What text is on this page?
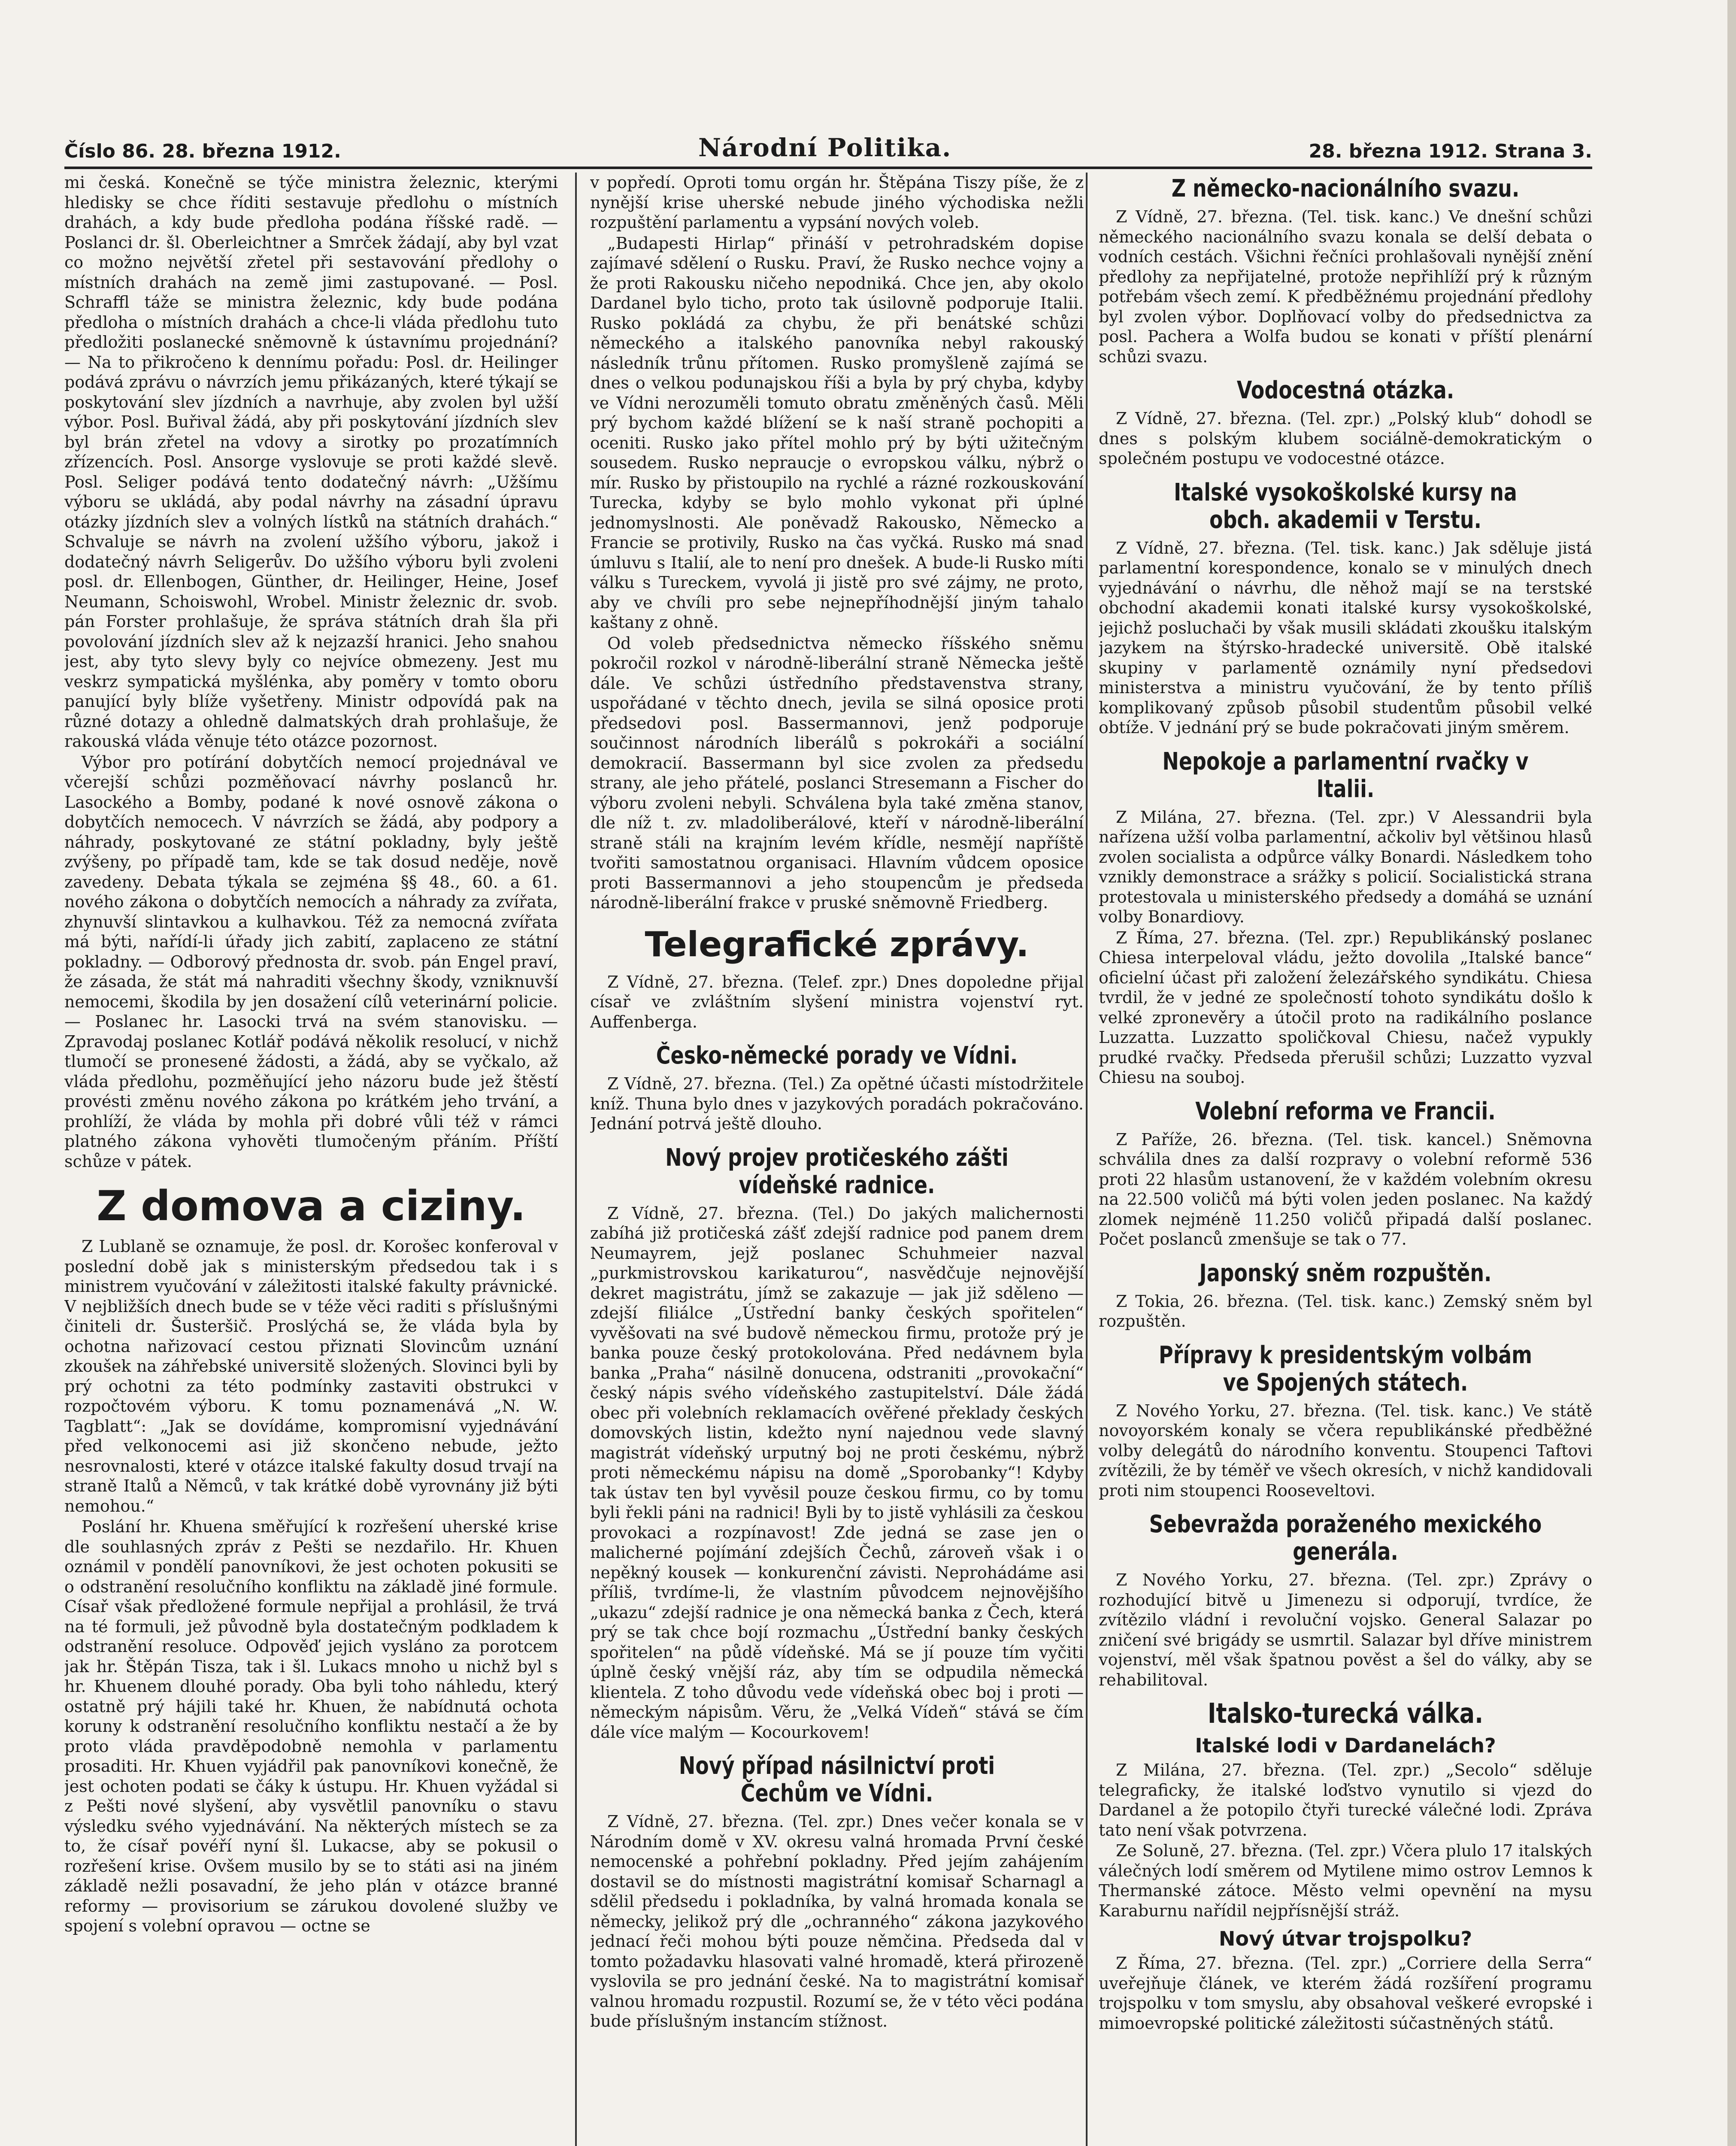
Číslo 86. 28. března 1912.	Národní Politika.	28. března 1912. Strana 3.

mi česká. Konečně se týče ministra železnic, kterými hledisky se chce říditi sestavuje předlohu o místních drahách, a kdy bude předloha podána říšské radě. — Poslanci dr. šl. Oberleichtner a Smrček žádají, aby byl vzat co možno největší zřetel při sestavování předlohy o místních drahách na země jimi zastupované. — Posl. Schraffl táže se ministra železnic, kdy bude podána předloha o místních drahách a chce-li vláda předlohu tuto předložiti poslanecké sněmovně k ústavnímu projednání? — Na to přikročeno k dennímu pořadu: Posl. dr. Heilinger podává zprávu o návrzích jemu přikázaných, které týkají se poskytování slev jízdních a navrhuje, aby zvolen byl užší výbor. Posl. Buřival žádá, aby při poskytování jízdních slev byl brán zřetel na vdovy a sirotky po prozatímních zřízencích. Posl. Ansorge vyslovuje se proti každé slevě. Posl. Seliger podává tento dodatečný návrh: „Užšímu výboru se ukládá, aby podal návrhy na zásadní úpravu otázky jízdních slev a volných lístků na státních drahách.“ Schvaluje se návrh na zvolení užšího výboru, jakož i dodatečný návrh Seligerův. Do užšího výboru byli zvoleni posl. dr. Ellenbogen, Günther, dr. Heilinger, Heine, Josef Neumann, Schoiswohl, Wrobel. Ministr železnic dr. svob. pán Forster prohlašuje, že správa státních drah šla při povolování jízdních slev až k nejzazší hranici. Jeho snahou jest, aby tyto slevy byly co nejvíce obmezeny. Jest mu veskrz sympatická myšlénka, aby poměry v tomto oboru panující byly blíže vyšetřeny. Ministr odpovídá pak na různé dotazy a ohledně dalmatských drah prohlašuje, že rakouská vláda věnuje této otázce pozornost.

Výbor pro potírání dobytčích nemocí projednával ve včerejší schůzi pozměňovací návrhy poslanců hr. Lasockého a Bomby, podané k nové osnově zákona o dobytčích nemocech. V návrzích se žádá, aby podpory a náhrady, poskytované ze státní pokladny, byly ještě zvýšeny, po případě tam, kde se tak dosud neděje, nově zavedeny. Debata týkala se zejména §§ 48., 60. a 61. nového zákona o dobytčích nemocích a náhrady za zvířata, zhynuvší slintavkou a kulhavkou. Též za nemocná zvířata má býti, nařídí-li úřady jich zabití, zaplaceno ze státní pokladny. — Odborový přednosta dr. svob. pán Engel praví, že zásada, že stát má nahraditi všechny škody, vzniknuvší nemocemi, škodila by jen dosažení cílů veterinární policie. — Poslanec hr. Lasocki trvá na svém stanovisku. — Zpravodaj poslanec Kotlář podává několik resolucí, v nichž tlumočí se pronesené žádosti, a žádá, aby se vyčkalo, až vláda předlohu, pozměňující jeho názoru bude jež štěstí provésti změnu nového zákona po krátkém jeho trvání, a prohlíží, že vláda by mohla při dobré vůli též v rámci platného zákona vyhověti tlumočeným přáním. Příští schůze v pátek.

Z domova a ciziny.

Z Lublaně se oznamuje, že posl. dr. Korošec konferoval v poslední době jak s ministerským předsedou tak i s ministrem vyučování v záležitosti italské fakulty právnické. V nejbližších dnech bude se v téže věci raditi s příslušnými činiteli dr. Šusteršič. Proslýchá se, že vláda byla by ochotna nařizovací cestou přiznati Slovincům uznání zkoušek na záhřebské universitě složených. Slovinci byli by prý ochotni za této podmínky zastaviti obstrukci v rozpočtovém výboru. K tomu poznamenává „N. W. Tagblatt“: „Jak se dovídáme, kompromisní vyjednávání před velkonocemi asi již skončeno nebude, ježto nesrovnalosti, které v otázce italské fakulty dosud trvají na straně Italů a Němců, v tak krátké době vyrovnány již býti nemohou.“

Poslání hr. Khuena směřující k rozřešení uherské krise dle souhlasných zpráv z Pešti se nezdařilo. Hr. Khuen oznámil v pondělí panovníkovi, že jest ochoten pokusiti se o odstranění resolučního konfliktu na základě jiné formule. Císař však předložené formule nepřijal a prohlásil, že trvá na té formuli, jež původně byla dostatečným podkladem k odstranění resoluce. Odpověď jejich vysláno za porotcem jak hr. Štěpán Tisza, tak i šl. Lukacs mnoho u nichž byl s hr. Khuenem dlouhé porady. Oba byli toho náhledu, který ostatně prý hájili také hr. Khuen, že nabídnutá ochota koruny k odstranění resolučního konfliktu nestačí a že by proto vláda pravděpodobně nemohla v parlamentu prosaditi. Hr. Khuen vyjádřil pak panovníkovi konečně, že jest ochoten podati se čáky k ústupu. Hr. Khuen vyžádal si z Pešti nové slyšení, aby vysvětlil panovníku o stavu výsledku svého vyjednávání. Na některých místech se za to, že císař povéří nyní šl. Lukacse, aby se pokusil o rozřešení krise. Ovšem musilo by se to státi asi na jiném základě nežli posavadní, že jeho plán v otázce branné reformy — provisorium se zárukou dovolené služby ve spojení s volební opravou — octne se

v popředí. Oproti tomu orgán hr. Štěpána Tiszy píše, že z nynější krise uherské nebude jiného východiska nežli rozpuštění parlamentu a vypsání nových voleb.

„Budapesti Hirlap“ přináší v petrohradském dopise zajímavé sdělení o Rusku. Praví, že Rusko nechce vojny a že proti Rakousku ničeho nepodniká. Chce jen, aby okolo Dardanel bylo ticho, proto tak úsilovně podporuje Italii. Rusko pokládá za chybu, že při benátské schůzi německého a italského panovníka nebyl rakouský následník trůnu přítomen. Rusko promyšleně zajímá se dnes o velkou podunajskou říši a byla by prý chyba, kdyby ve Vídni nerozuměli tomuto obratu změněných časů. Měli prý bychom každé blížení se k naší straně pochopiti a oceniti. Rusko jako přítel mohlo prý by býti užitečným sousedem. Rusko nepraucje o evropskou válku, nýbrž o mír. Rusko by přistoupilo na rychlé a rázné rozkouskování Turecka, kdyby se bylo mohlo vykonat při úplné jednomyslnosti. Ale poněvadž Rakousko, Německo a Francie se protivily, Rusko na čas vyčká. Rusko má snad úmluvu s Italií, ale to není pro dnešek. A bude-li Rusko míti válku s Tureckem, vyvolá ji jistě pro své zájmy, ne proto, aby ve chvíli pro sebe nejnepříhodnější jiným tahalo kaštany z ohně.

Od voleb předsednictva německo říšského sněmu pokročil rozkol v národně-liberální straně Německa ještě dále. Ve schůzi ústředního představenstva strany, uspořádané v těchto dnech, jevila se silná oposice proti předsedovi posl. Bassermannovi, jenž podporuje součinnost národních liberálů s pokrokáři a sociální demokracií. Bassermann byl sice zvolen za předsedu strany, ale jeho přátelé, poslanci Stresemann a Fischer do výboru zvoleni nebyli. Schválena byla také změna stanov, dle níž t. zv. mladoliberálové, kteří v národně-liberální straně stáli na krajním levém křídle, nesmějí napříště tvořiti samostatnou organisaci. Hlavním vůdcem oposice proti Bassermannovi a jeho stoupencům je předseda národně-liberální frakce v pruské sněmovně Friedberg.

Telegrafické zprávy.

Z Vídně, 27. března. (Telef. zpr.) Dnes dopoledne přijal císař ve zvláštním slyšení ministra vojenství ryt. Auffenberga.

Česko-německé porady ve Vídni.

Z Vídně, 27. března. (Tel.) Za opětné účasti místodržitele kníž. Thuna bylo dnes v jazykových poradách pokračováno. Jednání potrvá ještě dlouho.

Nový projev protičeského zášti vídeňské radnice.

Z Vídně, 27. března. (Tel.) Do jakých malichernosti zabíhá již protičeská zášť zdejší radnice pod panem drem Neumayrem, jejž poslanec Schuhmeier nazval „purkmistrovskou karikaturou“, nasvědčuje nejnovější dekret magistrátu, jímž se zakazuje — jak již sděleno — zdejší filiálce „Ústřední banky českých spořitelen“ vyvěšovati na své budově německou firmu, protože prý je banka pouze český protokolována. Před nedávnem byla banka „Praha“ násilně donucena, odstraniti „provokační“ český nápis svého vídeňského zastupitelství. Dále žádá obec při volebních reklamacích ověřené překlady českých domovských listin, kdežto nyní najednou vede slavný magistrát vídeňský urputný boj ne proti českému, nýbrž proti německému nápisu na domě „Sporobanky“! Kdyby tak ústav ten byl vyvěsil pouze českou firmu, co by tomu byli řekli páni na radnici! Byli by to jistě vyhlásili za českou provokaci a rozpínavost! Zde jedná se zase jen o malicherné pojímání zdejších Čechů, zároveň však i o nepěkný kousek — konkurenční závisti. Neprohádáme asi příliš, tvrdíme-li, že vlastním původcem nejnovějšího „ukazu“ zdejší radnice je ona německá banka z Čech, která prý se tak chce bojí rozmachu „Ústřední banky českých spořitelen“ na půdě vídeňské. Má se jí pouze tím vyčiti úplně český vnější ráz, aby tím se odpudila německá klientela. Z toho důvodu vede vídeňská obec boj i proti — německým nápisům. Věru, že „Velká Vídeň“ stává se čím dále více malým — Kocourkovem!

Nový případ násilnictví proti Čechům ve Vídni.

Z Vídně, 27. března. (Tel. zpr.) Dnes večer konala se v Národním domě v XV. okresu valná hromada První české nemocenské a pohřební pokladny. Před jejím zahájením dostavil se do místnosti magistrátní komisař Scharnagl a sdělil předsedu i pokladníka, by valná hromada konala se německy, jelikož prý dle „ochranného“ zákona jazykového jednací řeči mohou býti pouze němčina. Předseda dal v tomto požadavku hlasovati valné hromadě, která přirozeně vyslovila se pro jednání české. Na to magistrátní komisař valnou hromadu rozpustil. Rozumí se, že v této věci podána bude příslušným instancím stížnost.

Z německo-nacionálního svazu.

Z Vídně, 27. března. (Tel. tisk. kanc.) Ve dnešní schůzi německého nacionálního svazu konala se delší debata o vodních cestách. Všichni řečníci prohlašovali nynější znění předlohy za nepřijatelné, protože nepřihlíží prý k různým potřebám všech zemí. K předběžnému projednání předlohy byl zvolen výbor. Doplňovací volby do předsednictva za posl. Pachera a Wolfa budou se konati v příští plenární schůzi svazu.

Vodocestná otázka.

Z Vídně, 27. března. (Tel. zpr.) „Polský klub“ dohodl se dnes s polským klubem sociálně-demokratickým o společném postupu ve vodocestné otázce.

Italské vysokoškolské kursy na obch. akademii v Terstu.

Z Vídně, 27. března. (Tel. tisk. kanc.) Jak sděluje jistá parlamentní korespondence, konalo se v minulých dnech vyjednávání o návrhu, dle něhož mají se na terstské obchodní akademii konati italské kursy vysokoškolské, jejichž posluchači by však musili skládati zkoušku italským jazykem na štýrsko-hradecké universitě. Obě italské skupiny v parlamentě oznámily nyní předsedovi ministerstva a ministru vyučování, že by tento příliš komplikovaný způsob působil studentům působil velké obtíže. V jednání prý se bude pokračovati jiným směrem.

Nepokoje a parlamentní rvačky v Italii.

Z Milána, 27. března. (Tel. zpr.) V Alessandrii byla nařízena užší volba parlamentní, ačkoliv byl většinou hlasů zvolen socialista a odpůrce války Bonardi. Následkem toho vznikly demonstrace a srážky s policií. Socialistická strana protestovala u ministerského předsedy a domáhá se uznání volby Bonardiovy.

Z Říma, 27. března. (Tel. zpr.) Republikánský poslanec Chiesa interpeloval vládu, ježto dovolila „Italské bance“ oficielní účast při založení železářského syndikátu. Chiesa tvrdil, že v jedné ze společností tohoto syndikátu došlo k velké zpronevěry a útočil proto na radikálního poslance Luzzatta. Luzzatto spoličkoval Chiesu, načež vypukly prudké rvačky. Předseda přerušil schůzi; Luzzatto vyzval Chiesu na souboj.

Volební reforma ve Francii.

Z Paříže, 26. března. (Tel. tisk. kancel.) Sněmovna schválila dnes za další rozpravy o volební reformě 536 proti 22 hlasům ustanovení, že v každém volebním okresu na 22.500 voličů má býti volen jeden poslanec. Na každý zlomek nejméně 11.250 voličů připadá další poslanec. Počet poslanců zmenšuje se tak o 77.

Japonský sněm rozpuštěn.

Z Tokia, 26. března. (Tel. tisk. kanc.) Zemský sněm byl rozpuštěn.

Přípravy k presidentským volbám ve Spojených státech.

Z Nového Yorku, 27. března. (Tel. tisk. kanc.) Ve státě novoyorském konaly se včera republikánské předběžné volby delegátů do národního konventu. Stoupenci Taftovi zvítězili, že by téměř ve všech okresích, v nichž kandidovali proti nim stoupenci Rooseveltovi.

Sebevražda poraženého mexického generála.

Z Nového Yorku, 27. března. (Tel. zpr.) Zprávy o rozhodující bitvě u Jimenezu si odporují, tvrdíce, že zvítězilo vládní i revoluční vojsko. General Salazar po zničení své brigády se usmrtil. Salazar byl dříve ministrem vojenství, měl však špatnou pověst a šel do války, aby se rehabilitoval.

Italsko-turecká válka.
Italské lodi v Dardanelách?

Z Milána, 27. března. (Tel. zpr.) „Secolo“ sděluje telegraficky, že italské loďstvo vynutilo si vjezd do Dardanel a že potopilo čtyři turecké válečné lodi. Zpráva tato není však potvrzena.

Ze Soluně, 27. března. (Tel. zpr.) Včera plulo 17 italských válečných lodí směrem od Mytilene mimo ostrov Lemnos k Thermanské zátoce. Město velmi opevnění na mysu Karaburnu nařídil nejpřísnější stráž.

Nový útvar trojspolku?

Z Říma, 27. března. (Tel. zpr.) „Corriere della Serra“ uveřejňuje článek, ve kterém žádá rozšíření programu trojspolku v tom smyslu, aby obsahoval veškeré evropské i mimoevropské politické záležitosti súčastněných států.
